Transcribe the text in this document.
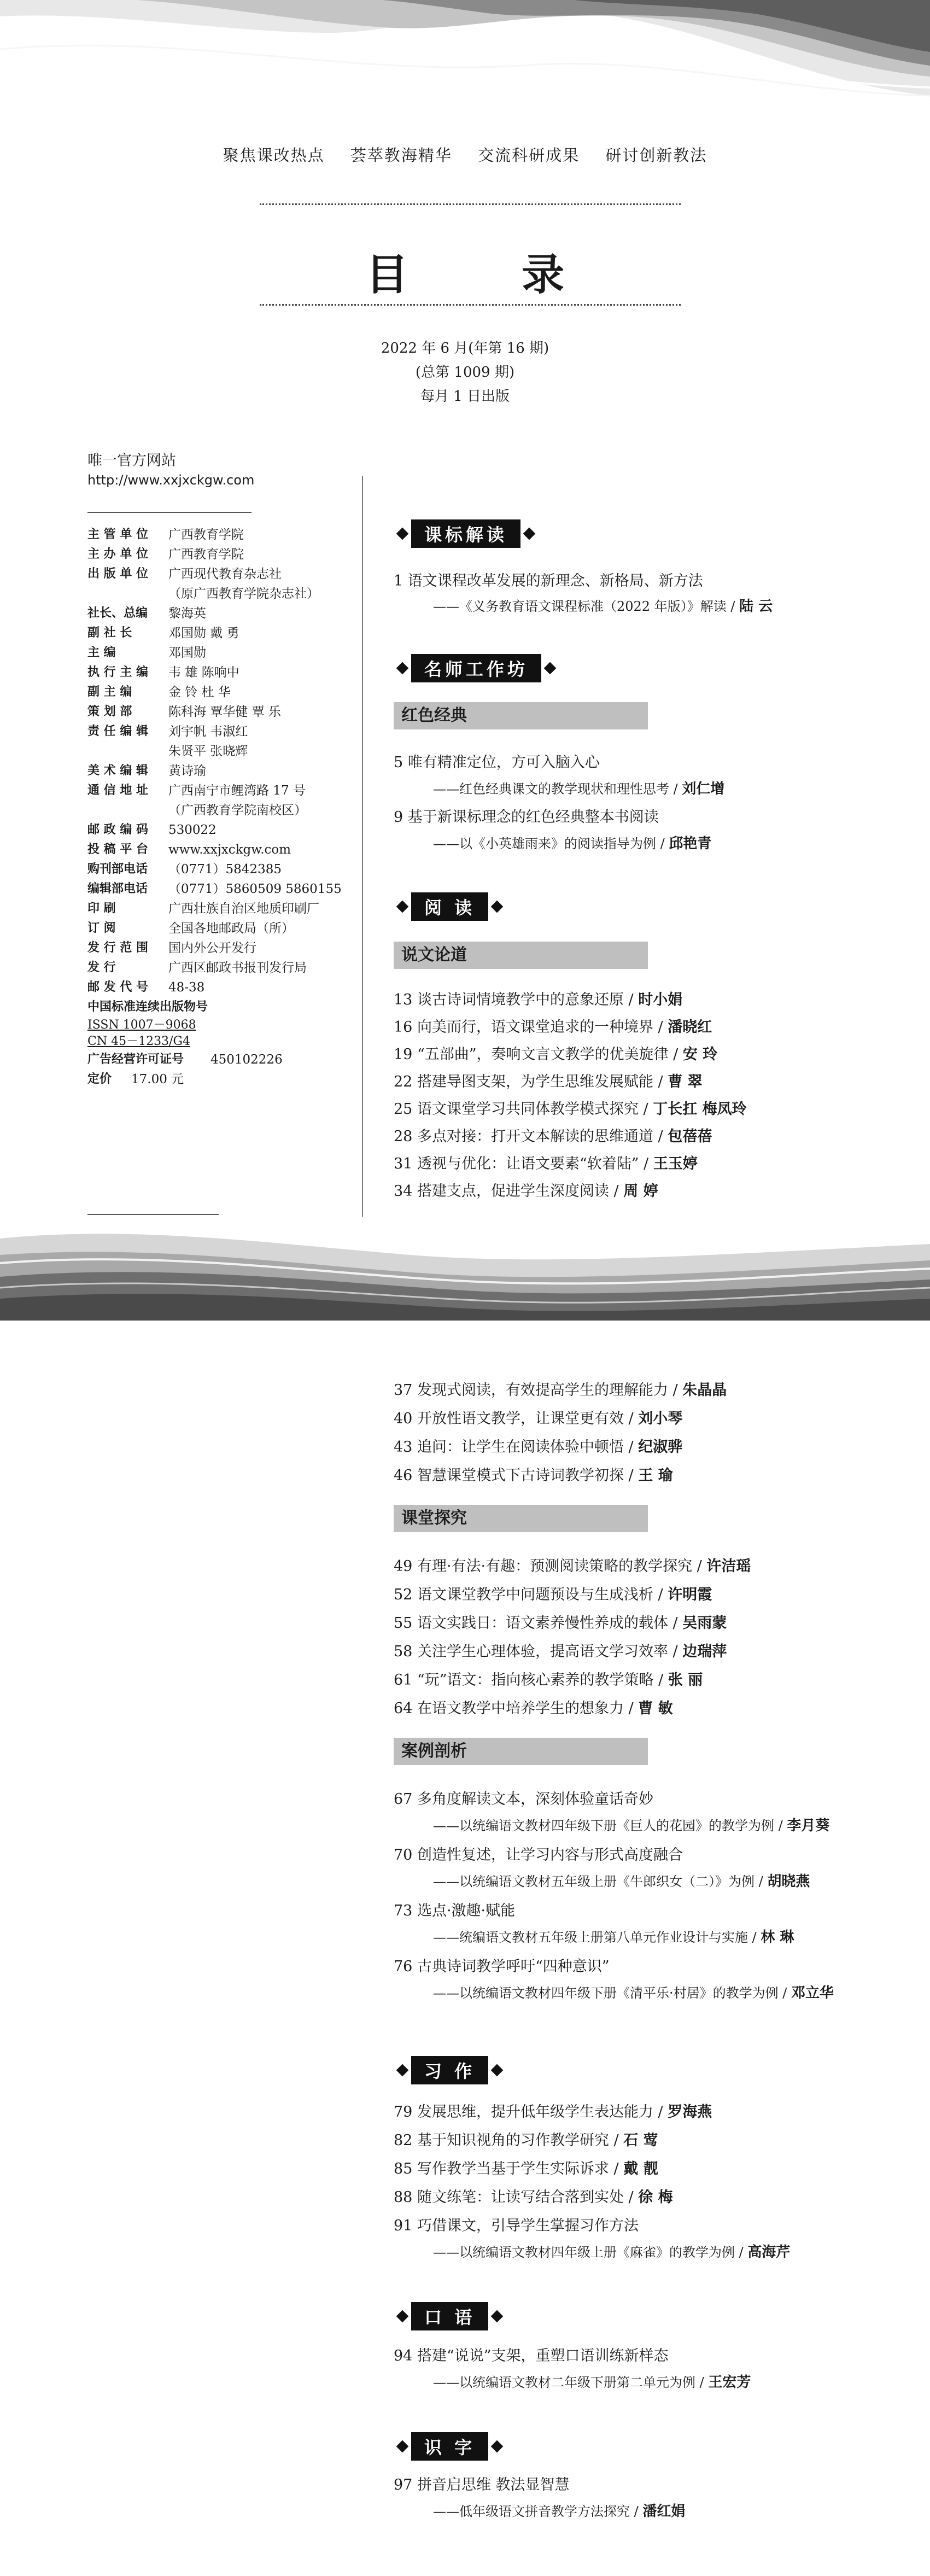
聚焦课改热点 荟萃教海精华 交流科研成果 研讨创新教法
目 录
2022 年 6 月(年第 16 期)
(总第 1009 期)
每月 1 日出版
唯一官方网站
http://www.xxjxckgw.com
主 管 单 位	广西教育学院
主 办 单 位	广西教育学院
出 版 单 位	广西现代教育杂志社
（原广西教育学院杂志社）
社长、总编	黎海英
副 社 长	邓国勋 戴 勇
主 编	邓国勋
执 行 主 编	韦 雄 陈响中
副 主 编	金 铃 杜 华
策 划 部	陈科海 覃华健 覃 乐
责 任 编 辑	刘宇帆 韦淑红
朱贤平 张晓辉
美 术 编 辑	黄诗瑜
通 信 地 址	广西南宁市鲤湾路 17 号
（广西教育学院南校区）
邮 政 编 码	530022
投 稿 平 台	www.xxjxckgw.com
购刊部电话	（0771）5842385
编辑部电话	（0771）5860509 5860155
印 刷	广西壮族自治区地质印刷厂
订 阅	全国各地邮政局（所）
发 行 范 围	国内外公开发行
发 行	广西区邮政书报刊发行局
邮 发 代 号	48-38
中国标准连续出版物号
ISSN 1007－9068
CN 45－1233/G4
广告经营许可证号	450102226
定价	17.00 元
课标解读
1 语文课程改革发展的新理念、新格局、新方法
——《义务教育语文课程标准（2022 年版）》解读 / 陆 云
名师工作坊
红色经典
5 唯有精准定位，方可入脑入心
——红色经典课文的教学现状和理性思考 / 刘仁增
9 基于新课标理念的红色经典整本书阅读
——以《小英雄雨来》的阅读指导为例 / 邱艳青
阅 读
说文论道
13 谈古诗词情境教学中的意象还原 / 时小娟
16 向美而行，语文课堂追求的一种境界 / 潘晓红
19 “五部曲”，奏响文言文教学的优美旋律 / 安 玲
22 搭建导图支架，为学生思维发展赋能 / 曹 翠
25 语文课堂学习共同体教学模式探究 / 丁长扛 梅凤玲
28 多点对接：打开文本解读的思维通道 / 包蓓蓓
31 透视与优化：让语文要素“软着陆” / 王玉婷
34 搭建支点，促进学生深度阅读 / 周 婷
37 发现式阅读，有效提高学生的理解能力 / 朱晶晶
40 开放性语文教学，让课堂更有效 / 刘小琴
43 追问：让学生在阅读体验中顿悟 / 纪淑骅
46 智慧课堂模式下古诗词教学初探 / 王 瑜
课堂探究
49 有理·有法·有趣：预测阅读策略的教学探究 / 许洁瑶
52 语文课堂教学中问题预设与生成浅析 / 许明霞
55 语文实践日：语文素养慢性养成的载体 / 吴雨蒙
58 关注学生心理体验，提高语文学习效率 / 边瑞萍
61 “玩”语文：指向核心素养的教学策略 / 张 丽
64 在语文教学中培养学生的想象力 / 曹 敏
案例剖析
67 多角度解读文本，深刻体验童话奇妙
——以统编语文教材四年级下册《巨人的花园》的教学为例 / 李月葵
70 创造性复述，让学习内容与形式高度融合
——以统编语文教材五年级上册《牛郎织女（二）》为例 / 胡晓燕
73 选点·激趣·赋能
——统编语文教材五年级上册第八单元作业设计与实施 / 林 琳
76 古典诗词教学呼吁“四种意识”
——以统编语文教材四年级下册《清平乐·村居》的教学为例 / 邓立华
习 作
79 发展思维，提升低年级学生表达能力 / 罗海燕
82 基于知识视角的习作教学研究 / 石 莺
85 写作教学当基于学生实际诉求 / 戴 靓
88 随文练笔：让读写结合落到实处 / 徐 梅
91 巧借课文，引导学生掌握习作方法
——以统编语文教材四年级上册《麻雀》的教学为例 / 高海芹
口 语
94 搭建“说说”支架，重塑口语训练新样态
——以统编语文教材二年级下册第二单元为例 / 王宏芳
识 字
97 拼音启思维 教法显智慧
——低年级语文拼音教学方法探究 / 潘红娟
